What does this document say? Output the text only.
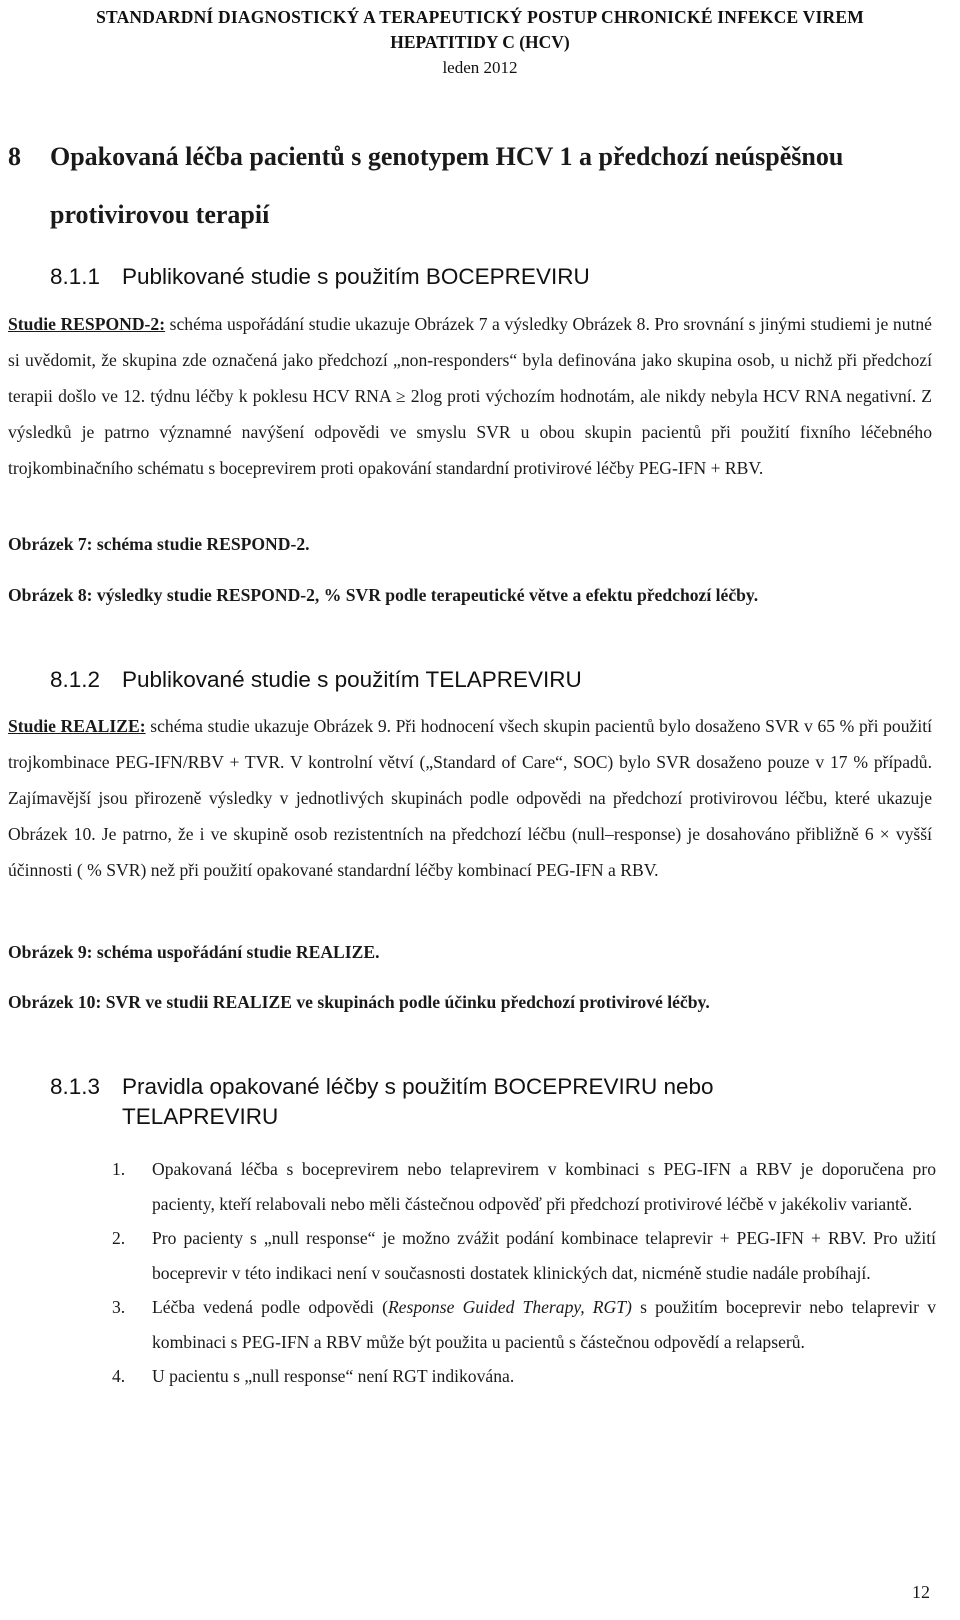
STANDARDNÍ DIAGNOSTICKÝ A TERAPEUTICKÝ POSTUP CHRONICKÉ INFEKCE VIREM
HEPATITIDY C (HCV)
leden 2012
8 Opakovaná léčba pacientů s genotypem HCV 1 a předchozí neúspěšnou
protivirovou terapií
8.1.1 Publikované studie s použitím BOCEPREVIRU
Studie RESPOND-2: schéma uspořádání studie ukazuje Obrázek 7 a výsledky Obrázek 8. Pro srovnání s jinými studiemi je nutné si uvědomit, že skupina zde označená jako předchozí „non-responders“ byla definována jako skupina osob, u nichž při předchozí terapii došlo ve 12. týdnu léčby k poklesu HCV RNA ≥ 2log proti výchozím hodnotám, ale nikdy nebyla HCV RNA negativní. Z výsledků je patrno významné navýšení odpovědi ve smyslu SVR u obou skupin pacientů při použití fixního léčebného trojkombinačního schématu s boceprevirem proti opakování standardní protivirové léčby PEG-IFN + RBV.
Obrázek 7: schéma studie RESPOND-2.
Obrázek 8: výsledky studie RESPOND-2, % SVR podle terapeutické větve a efektu předchozí léčby.
8.1.2 Publikované studie s použitím TELAPREVIRU
Studie REALIZE: schéma studie ukazuje Obrázek 9. Při hodnocení všech skupin pacientů bylo dosaženo SVR v 65 % při použití trojkombinace PEG-IFN/RBV + TVR. V kontrolní větví („Standard of Care“, SOC) bylo SVR dosaženo pouze v 17 % případů. Zajímavější jsou přirozeně výsledky v jednotlivých skupinách podle odpovědi na předchozí protivirovou léčbu, které ukazuje Obrázek 10. Je patrno, že i ve skupině osob rezistentních na předchozí léčbu (null–response) je dosahováno přibližně 6 × vyšší účinnosti ( % SVR) než při použití opakované standardní léčby kombinací PEG-IFN a RBV.
Obrázek 9: schéma uspořádání studie REALIZE.
Obrázek 10: SVR ve studii REALIZE ve skupinách podle účinku předchozí protivirové léčby.
8.1.3 Pravidla opakované léčby s použitím BOCEPREVIRU nebo
TELAPREVIRU
1.	Opakovaná léčba s boceprevirem nebo telaprevirem v kombinaci s PEG-IFN a RBV je doporučena pro pacienty, kteří relabovali nebo měli částečnou odpověď při předchozí protivirové léčbě v jakékoliv variantě.
2.	Pro pacienty s „null response“ je možno zvážit podání kombinace telaprevir + PEG-IFN + RBV. Pro užití boceprevir v této indikaci není v současnosti dostatek klinických dat, nicméně studie nadále probíhají.
3.	Léčba vedená podle odpovědi (Response Guided Therapy, RGT) s použitím boceprevir nebo telaprevir v kombinaci s PEG-IFN a RBV může být použita u pacientů s částečnou odpovědí a relapserů.
4.	U pacientu s „null response“ není RGT indikována.
12
